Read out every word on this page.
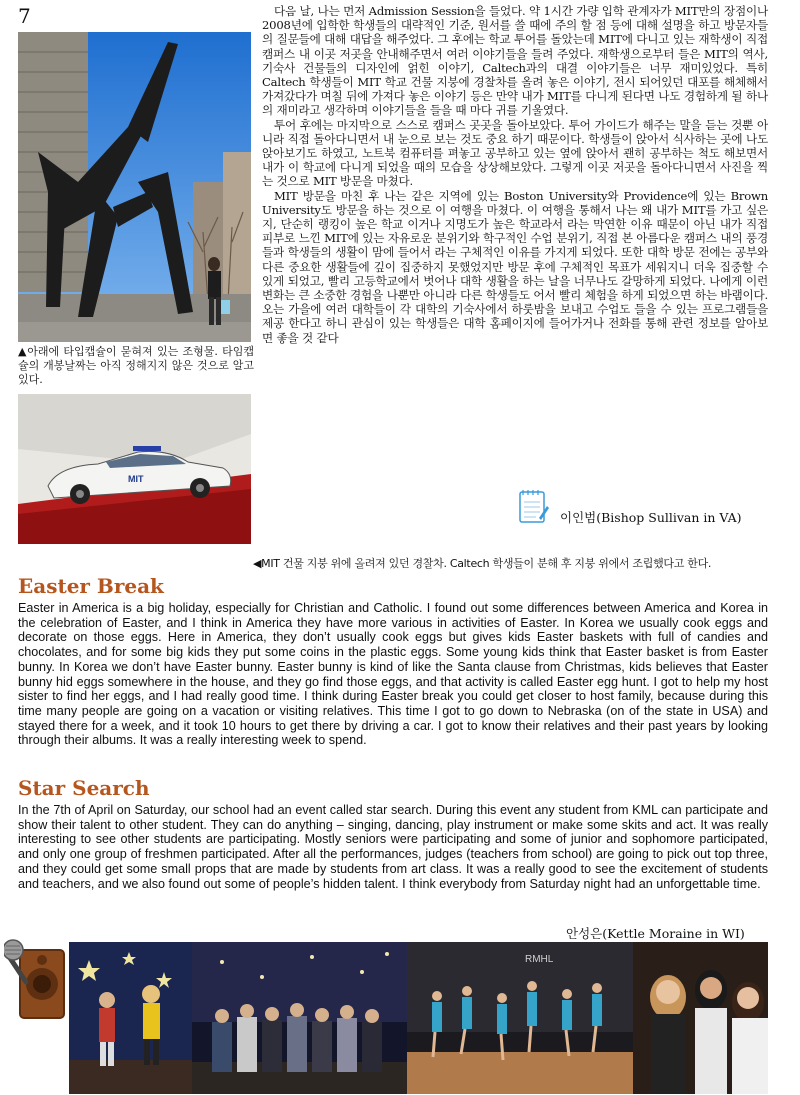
7
▲아래에 타입캡슐이 묻혀져 있는 조형물. 타임캡슐의 개봉날짜는 아직 정해지지 않은 것으로 알고 있다.
MIT

다음 날, 나는 먼저 Admission Session을 들었다. 약 1시간 가량 입학 관계자가 MIT만의 장점이나 2008년에 입학한 학생들의 대략적인 기준, 원서를 쓸 때에 주의 할 점 등에 대해 설명을 하고 방문자들의 질문들에 대해 대답을 해주었다. 그 후에는 학교 투어를 돌았는데 MIT에 다니고 있는 재학생이 직접 캠퍼스 내 이곳 저곳을 안내해주면서 여러 이야기들을 들려 주었다. 재학생으로부터 들은 MIT의 역사, 기숙사 건물들의 디자인에 얽힌 이야기, Caltech과의 대결 이야기들은 너무 재미있었다. 특히 Caltech 학생들이 MIT 학교 건물 지붕에 경찰차를 올려 놓은 이야기, 전시 되어있던 대포를 해체해서 가져갔다가 며칠 뒤에 가져다 놓은 이야기 등은 만약 내가 MIT를 다니게 된다면 나도 경험하게 될 하나의 재미라고 생각하며 이야기들을 들을 때 마다 귀를 기울였다.

투어 후에는 마지막으로 스스로 캠퍼스 곳곳을 돌아보았다. 투어 가이드가 해주는 말을 듣는 것뿐 아니라 직접 돌아다니면서 내 눈으로 보는 것도 중요 하기 때문이다. 학생들이 앉아서 식사하는 곳에 나도 앉아보기도 하였고, 노트북 컴퓨터를 펴놓고 공부하고 있는 옆에 앉아서 괜히 공부하는 척도 해보면서 내가 이 학교에 다니게 되었을 때의 모습을 상상해보았다. 그렇게 이곳 저곳을 돌아다니면서 사진을 찍는 것으로 MIT 방문을 마쳤다.

MIT 방문을 마친 후 나는 같은 지역에 있는 Boston University와 Providence에 있는 Brown University도 방문을 하는 것으로 이 여행을 마쳤다. 이 여행을 통해서 나는 왜 내가 MIT를 가고 싶은지, 단순히 랭킹이 높은 학교 이거나 지명도가 높은 학교라서 라는 막연한 이유 때문이 아닌 내가 직접 피부로 느낀 MIT에 있는 자유로운 분위기와 학구적인 수업 분위기, 직접 본 아름다운 캠퍼스 내의 풍경들과 학생들의 생활이 맘에 들어서 라는 구체적인 이유를 가지게 되었다. 또한 대학 방문 전에는 공부와 다른 중요한 생활들에 깊이 집중하지 못했었지만 방문 후에 구체적인 목표가 세워지니 더욱 집중할 수 있게 되었고, 빨리 고등학교에서 벗어나 대학 생활을 하는 날을 너무나도 갈망하게 되었다. 나에게 이런 변화는 큰 소중한 경험을 나뿐만 아니라 다른 학생들도 어서 빨리 체험을 하게 되었으면 하는 바램이다. 오는 가을에 여러 대학들이 각 대학의 기숙사에서 하룻밤을 보내고 수업도 들을 수 있는 프로그램들을 제공 한다고 하니 관심이 있는 학생들은 대학 홈페이지에 들어가거나 전화를 통해 관련 정보를 알아보면 좋을 것 같다

이인범(Bishop Sullivan in VA)
◀MIT 건물 지붕 위에 올려져 있던 경찰차. Caltech 학생들이 분해 후 지붕 위에서 조립했다고 한다.
Easter Break

Easter in America is a big holiday, especially for Christian and Catholic. I found out some differences between America and Korea in the celebration of Easter, and I think in America they have more various in activities of Easter. In Korea we usually cook eggs and decorate on those eggs. Here in America, they don’t usually cook eggs but gives kids Easter baskets with full of candies and chocolates, and for some big kids they put some coins in the plastic eggs. Some young kids think that Easter basket is from Easter bunny. In Korea we don’t have Easter bunny. Easter bunny is kind of like the Santa clause from Christmas, kids believes that Easter bunny hid eggs somewhere in the house, and they go find those eggs, and that activity is called Easter egg hunt. I got to help my host sister to find her eggs, and I had really good time. I think during Easter break you could get closer to host family, because during this time many people are going on a vacation or visiting relatives. This time I got to go down to Nebraska (on of the state in USA) and stayed there for a week, and it took 10 hours to get there by driving a car. I got to know their relatives and their past years by looking through their albums. It was a really interesting week to spend.

Star Search

In the 7th of April on Saturday, our school had an event called star search. During this event any student from KML can participate and show their talent to other student. They can do anything – singing, dancing, play instrument or make some skits and act. It was really interesting to see other students are participating. Mostly seniors were participating and some of junior and sophomore participated, and only one group of freshmen participated. After all the performances, judges (teachers from school) are going to pick out top three, and they could get some small props that are made by students from art class. It was a really good to see the excitement of students and teachers, and we also found out some of people’s hidden talent. I think everybody from Saturday night had an unforgettable time.

안성은(Kettle Moraine in WI)
RMHL
